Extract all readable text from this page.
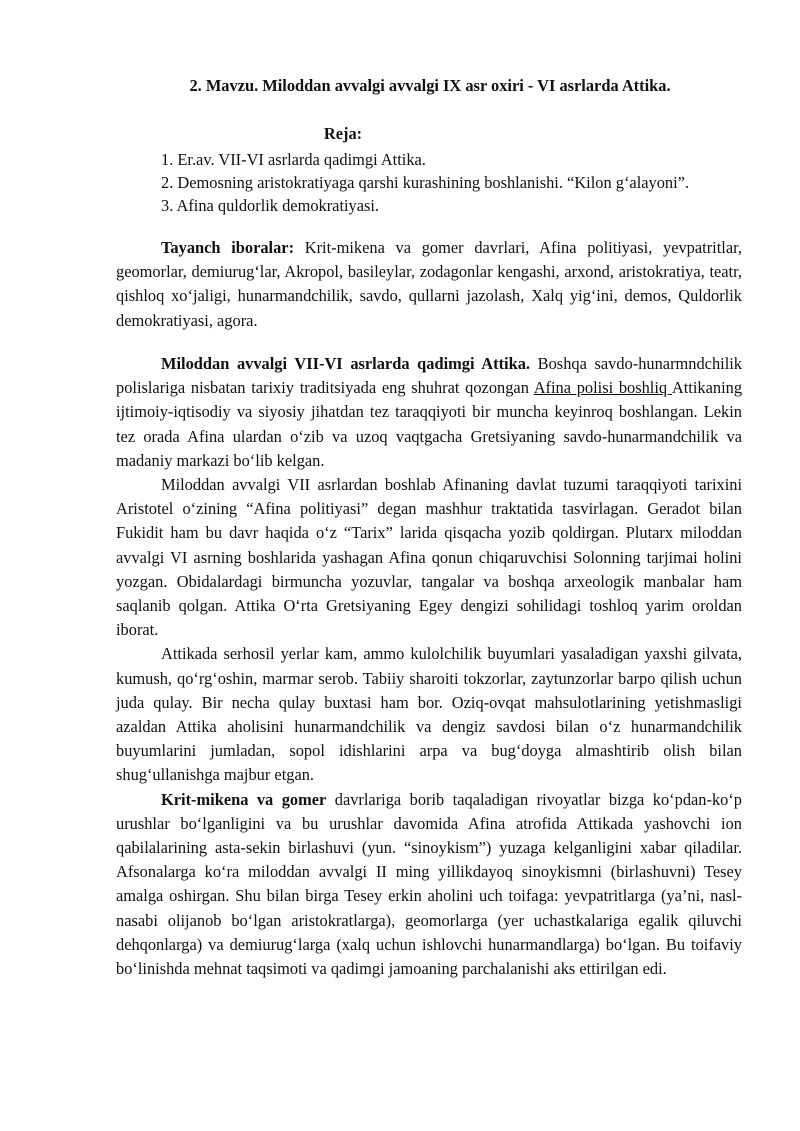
2. Mavzu. Miloddan avvalgi avvalgi IX asr oxiri - VI asrlarda Attika.
Reja:
1. Er.av. VII-VI asrlarda qadimgi Attika.
2. Demosning aristokratiyaga qarshi kurashining boshlanishi. “Kilon g‘alayoni”.
3. Afina quldorlik demokratiyasi.

Tayanch iboralar: Krit-mikena va gomer davrlari, Afina politiyasi, yevpatritlar, geomorlar, demiurug‘lar, Akropol, basileylar, zodagonlar kengashi, arxond, aristokratiya, teatr, qishloq xo‘jaligi, hunarmandchilik, savdo, qullarni jazolash, Xalq yig‘ini, demos, Quldorlik demokratiyasi, agora.

Miloddan avvalgi VII-VI asrlarda qadimgi Attika. Boshqa savdo-hunarmndchilik polislariga nisbatan tarixiy traditsiyada eng shuhrat qozongan Afina polisi boshliq Attikaning ijtimoiy-iqtisodiy va siyosiy jihatdan tez taraqqiyoti bir muncha keyinroq boshlangan. Lekin tez orada Afina ulardan o‘zib va uzoq vaqtgacha Gretsiyaning savdo-hunarmandchilik va madaniy markazi bo‘lib kelgan.

Miloddan avvalgi VII asrlardan boshlab Afinaning davlat tuzumi taraqqiyoti tarixini Aristotel o‘zining “Afina politiyasi” degan mashhur traktatida tasvirlagan. Geradot bilan Fukidit ham bu davr haqida o‘z “Tarix” larida qisqacha yozib qoldirgan. Plutarx miloddan avvalgi VI asrning boshlarida yashagan Afina qonun chiqaruvchisi Solonning tarjimai holini yozgan. Obidalardagi birmuncha yozuvlar, tangalar va boshqa arxeologik manbalar ham saqlanib qolgan. Attika O‘rta Gretsiyaning Egey dengizi sohilidagi toshloq yarim oroldan iborat.

Attikada serhosil yerlar kam, ammo kulolchilik buyumlari yasaladigan yaxshi gilvata, kumush, qo‘rg‘oshin, marmar serob. Tabiiy sharoiti tokzorlar, zaytunzorlar barpo qilish uchun juda qulay. Bir necha qulay buxtasi ham bor. Oziq-ovqat mahsulotlarining yetishmasligi azaldan Attika aholisini hunarmandchilik va dengiz savdosi bilan o‘z hunarmandchilik buyumlarini jumladan, sopol idishlarini arpa va bug‘doyga almashtirib olish bilan shug‘ullanishga majbur etgan.

Krit-mikena va gomer davrlariga borib taqaladigan rivoyatlar bizga ko‘pdan-ko‘p urushlar bo‘lganligini va bu urushlar davomida Afina atrofida Attikada yashovchi ion qabilalarining asta-sekin birlashuvi (yun. “sinoykism”) yuzaga kelganligini xabar qiladilar. Afsonalarga ko‘ra miloddan avvalgi II ming yillikdayoq sinoykismni (birlashuvni) Tesey amalga oshirgan. Shu bilan birga Tesey erkin aholini uch toifaga: yevpatritlarga (ya’ni, nasl-nasabi olijanob bo‘lgan aristokratlarga), geomorlarga (yer uchastkalariga egalik qiluvchi dehqonlarga) va demiurug‘larga (xalq uchun ishlovchi hunarmandlarga) bo‘lgan. Bu toifaviy bo‘linishda mehnat taqsimoti va qadimgi jamoaning parchalanishi aks ettirilgan edi.
